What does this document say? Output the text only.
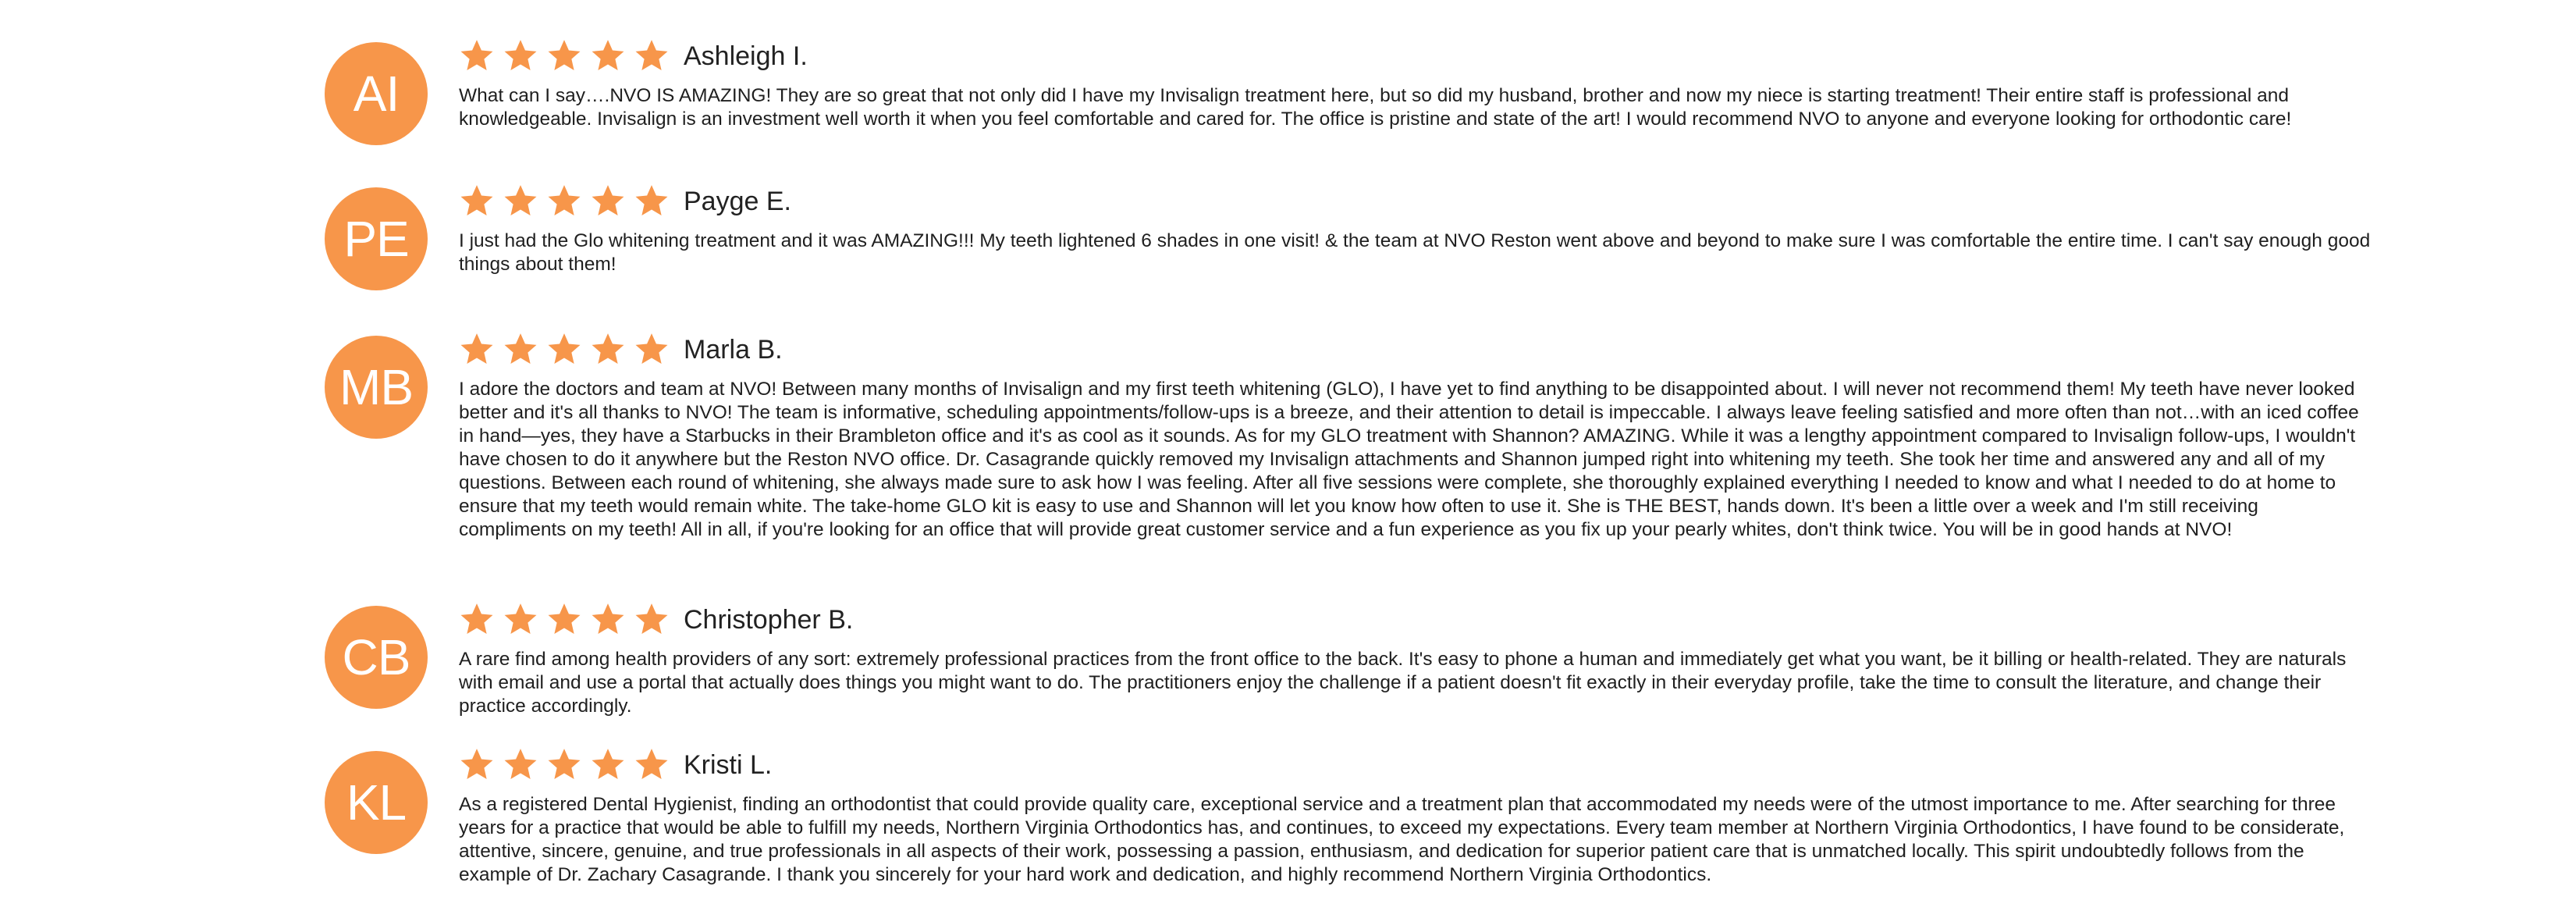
AI
Ashleigh I.
What can I say….NVO IS AMAZING! They are so great that not only did I have my Invisalign treatment here, but so did my husband, brother and now my niece is starting treatment! Their entire staff is professional and knowledgeable. Invisalign is an investment well worth it when you feel comfortable and cared for. The office is pristine and state of the art! I would recommend NVO to anyone and everyone looking for orthodontic care!
PE
Payge E.
I just had the Glo whitening treatment and it was AMAZING!!! My teeth lightened 6 shades in one visit! & the team at NVO Reston went above and beyond to make sure I was comfortable the entire time. I can't say enough good things about them!
MB
Marla B.
I adore the doctors and team at NVO! Between many months of Invisalign and my first teeth whitening (GLO), I have yet to find anything to be disappointed about. I will never not recommend them! My teeth have never looked better and it's all thanks to NVO! The team is informative, scheduling appointments/follow-ups is a breeze, and their attention to detail is impeccable. I always leave feeling satisfied and more often than not…with an iced coffee in hand—yes, they have a Starbucks in their Brambleton office and it's as cool as it sounds. As for my GLO treatment with Shannon? AMAZING. While it was a lengthy appointment compared to Invisalign follow-ups, I wouldn't have chosen to do it anywhere but the Reston NVO office. Dr. Casagrande quickly removed my Invisalign attachments and Shannon jumped right into whitening my teeth. She took her time and answered any and all of my questions. Between each round of whitening, she always made sure to ask how I was feeling. After all five sessions were complete, she thoroughly explained everything I needed to know and what I needed to do at home to ensure that my teeth would remain white. The take-home GLO kit is easy to use and Shannon will let you know how often to use it. She is THE BEST, hands down. It's been a little over a week and I'm still receiving compliments on my teeth! All in all, if you're looking for an office that will provide great customer service and a fun experience as you fix up your pearly whites, don't think twice. You will be in good hands at NVO!
CB
Christopher B.
A rare find among health providers of any sort: extremely professional practices from the front office to the back. It's easy to phone a human and immediately get what you want, be it billing or health-related. They are naturals with email and use a portal that actually does things you might want to do. The practitioners enjoy the challenge if a patient doesn't fit exactly in their everyday profile, take the time to consult the literature, and change their practice accordingly.
KL
Kristi L.
As a registered Dental Hygienist, finding an orthodontist that could provide quality care, exceptional service and a treatment plan that accommodated my needs were of the utmost importance to me. After searching for three years for a practice that would be able to fulfill my needs, Northern Virginia Orthodontics has, and continues, to exceed my expectations. Every team member at Northern Virginia Orthodontics, I have found to be considerate, attentive, sincere, genuine, and true professionals in all aspects of their work, possessing a passion, enthusiasm, and dedication for superior patient care that is unmatched locally. This spirit undoubtedly follows from the example of Dr. Zachary Casagrande. I thank you sincerely for your hard work and dedication, and highly recommend Northern Virginia Orthodontics.
